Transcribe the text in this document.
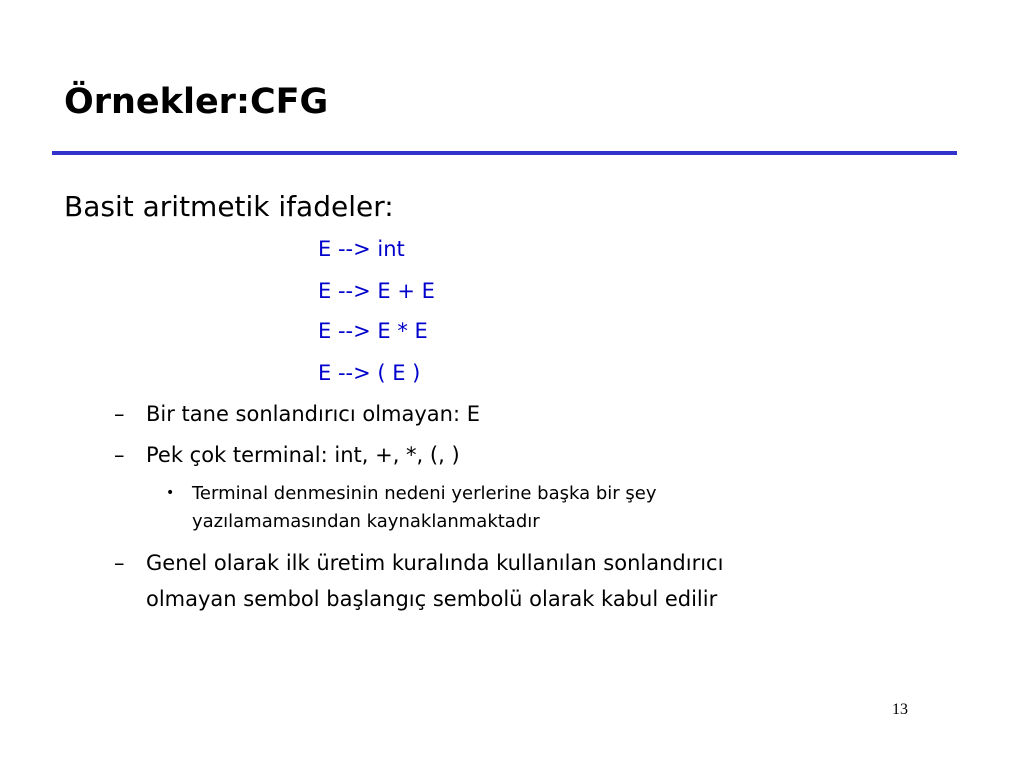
Örnekler:CFG
Basit aritmetik ifadeler:
E --> int
E --> E + E
E --> E * E
E --> ( E )
– Bir tane sonlandırıcı olmayan: E
– Pek çok terminal: int, +, *, (, )
• Terminal denmesinin nedeni yerlerine başka bir şey
yazılamamasından kaynaklanmaktadır
– Genel olarak ilk üretim kuralında kullanılan sonlandırıcı
olmayan sembol başlangıç sembolü olarak kabul edilir
13
